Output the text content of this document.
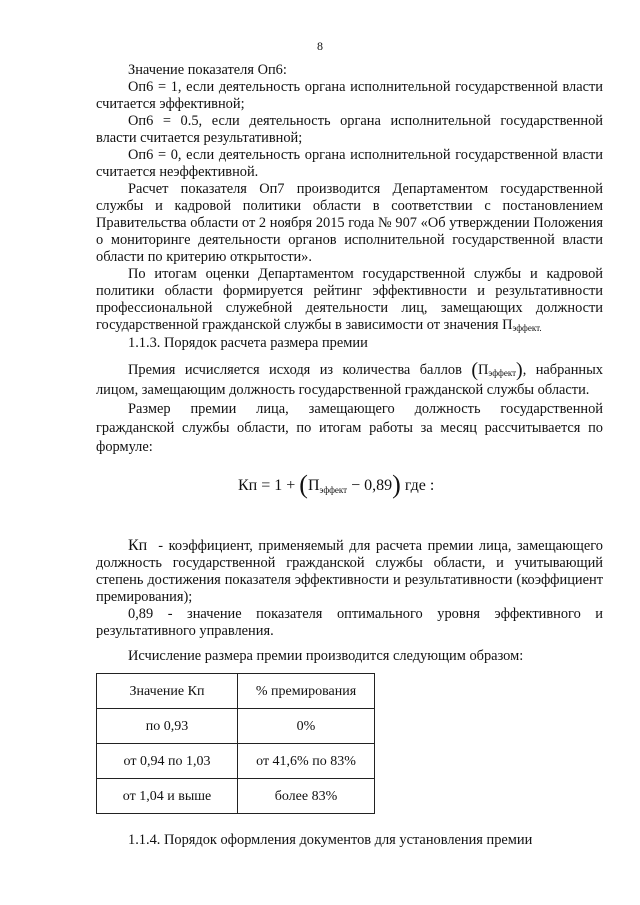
8

Значение показателя Оп6:

Оп6 = 1, если деятельность органа исполнительной государственной власти считается эффективной;

Оп6 = 0.5, если деятельность органа исполнительной государственной власти считается результативной;

Оп6 = 0, если деятельность органа исполнительной государственной власти считается неэффективной.

Расчет показателя Оп7 производится Департаментом государственной службы и кадровой политики области в соответствии с постановлением Правительства области от 2 ноября 2015 года № 907 «Об утверждении Положения о мониторинге деятельности органов исполнительной государственной власти области по критерию открытости».

По итогам оценки Департаментом государственной службы и кадровой политики области формируется рейтинг эффективности и результативности профессиональной служебной деятельности лиц, замещающих должности государственной гражданской службы в зависимости от значения Пэффект.

1.1.3. Порядок расчета размера премии

Премия исчисляется исходя из количества баллов (Пэффект), набранных лицом, замещающим должность государственной гражданской службы области.

Размер премии лица, замещающего должность государственной гражданской службы области, по итогам работы за месяц рассчитывается по формуле:

Кп = 1 + (Пэффект − 0,89) где :

Кп - коэффициент, применяемый для расчета премии лица, замещающего должность государственной гражданской службы области, и учитывающий степень достижения показателя эффективности и результативности (коэффициент премирования);

0,89 - значение показателя оптимального уровня эффективного и результативного управления.

Исчисление размера премии производится следующим образом:

Значение Кп	% премирования
по 0,93	0%
от 0,94 по 1,03	от 41,6% по 83%
от 1,04 и выше	более 83%

1.1.4. Порядок оформления документов для установления премии
